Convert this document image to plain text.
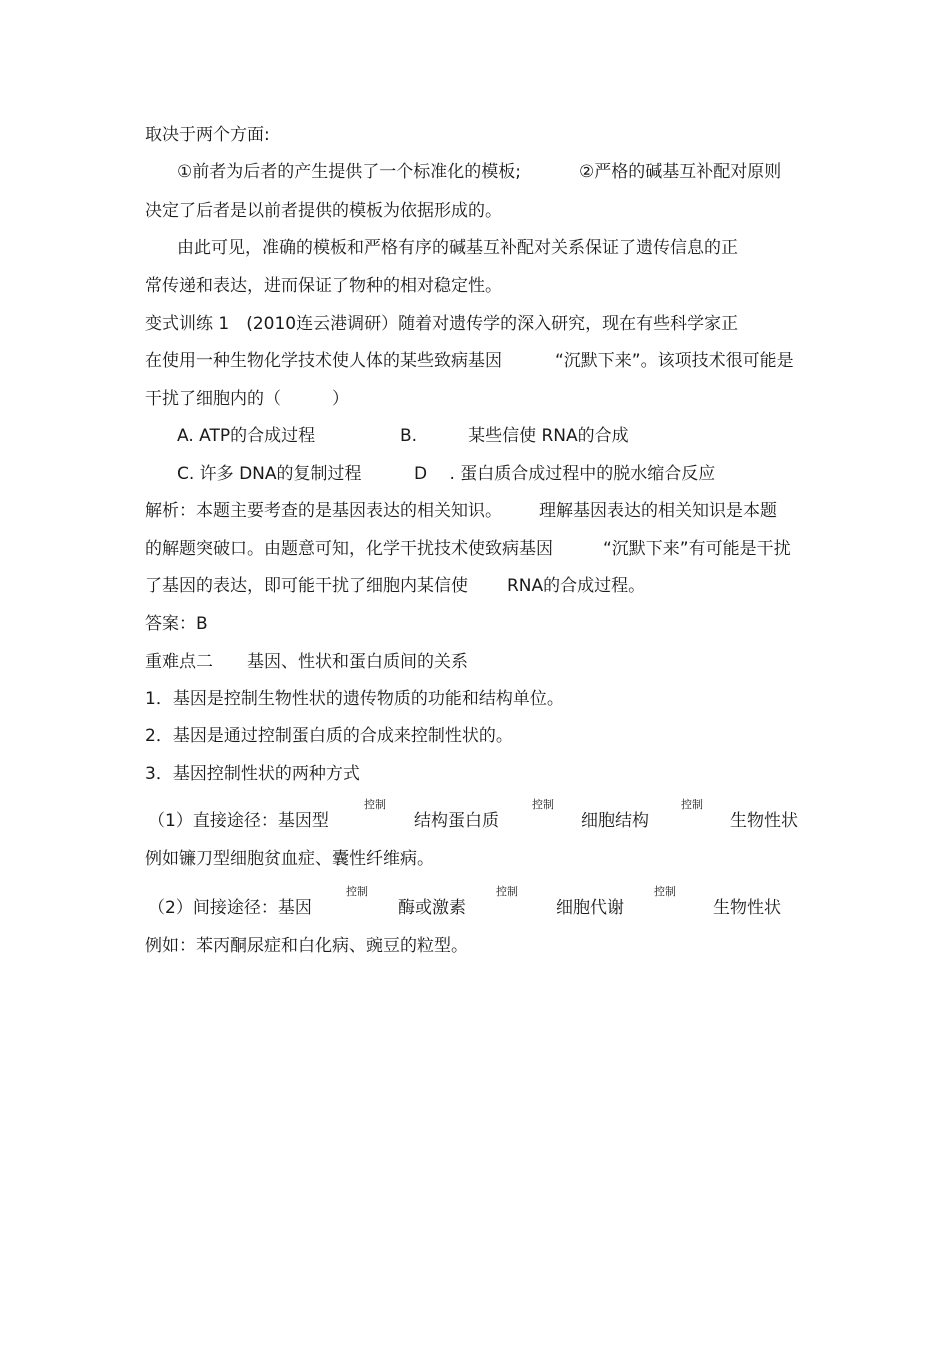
取决于两个方面:
①前者为后者的产生提供了一个标准化的模板;	②严格的碱基互补配对原则
决定了后者是以前者提供的模板为依据形成的。
由此可见，准确的模板和严格有序的碱基互补配对关系保证了遗传信息的正
常传递和表达，进而保证了物种的相对稳定性。
变式训练 1　(2010连云港调研）随着对遗传学的深入研究，现在有些科学家正
在使用一种生物化学技术使人体的某些致病基因	“沉默下来”。该项技术很可能是
干扰了细胞内的（　　　）
A. ATP的合成过程	B.　　　某些信使 RNA的合成
C. 许多 DNA的复制过程	D　 . 蛋白质合成过程中的脱水缩合反应
解析：本题主要考查的是基因表达的相关知识。 理解基因表达的相关知识是本题
的解题突破口。由题意可知，化学干扰技术使致病基因	“沉默下来”有可能是干扰
了基因的表达，即可能干扰了细胞内某信使 RNA的合成过程。
答案：B
重难点二　　基因、性状和蛋白质间的关系
1．基因是控制生物性状的遗传物质的功能和结构单位。
2．基因是通过控制蛋白质的合成来控制性状的。
3．基因控制性状的两种方式
（1）直接途径：基因型
控制
结构蛋白质
控制
细胞结构
控制
生物性状
例如镰刀型细胞贫血症、囊性纤维病。
（2）间接途径：基因
控制
酶或激素
控制
细胞代谢
控制
生物性状
例如：苯丙酮尿症和白化病、豌豆的粒型。
